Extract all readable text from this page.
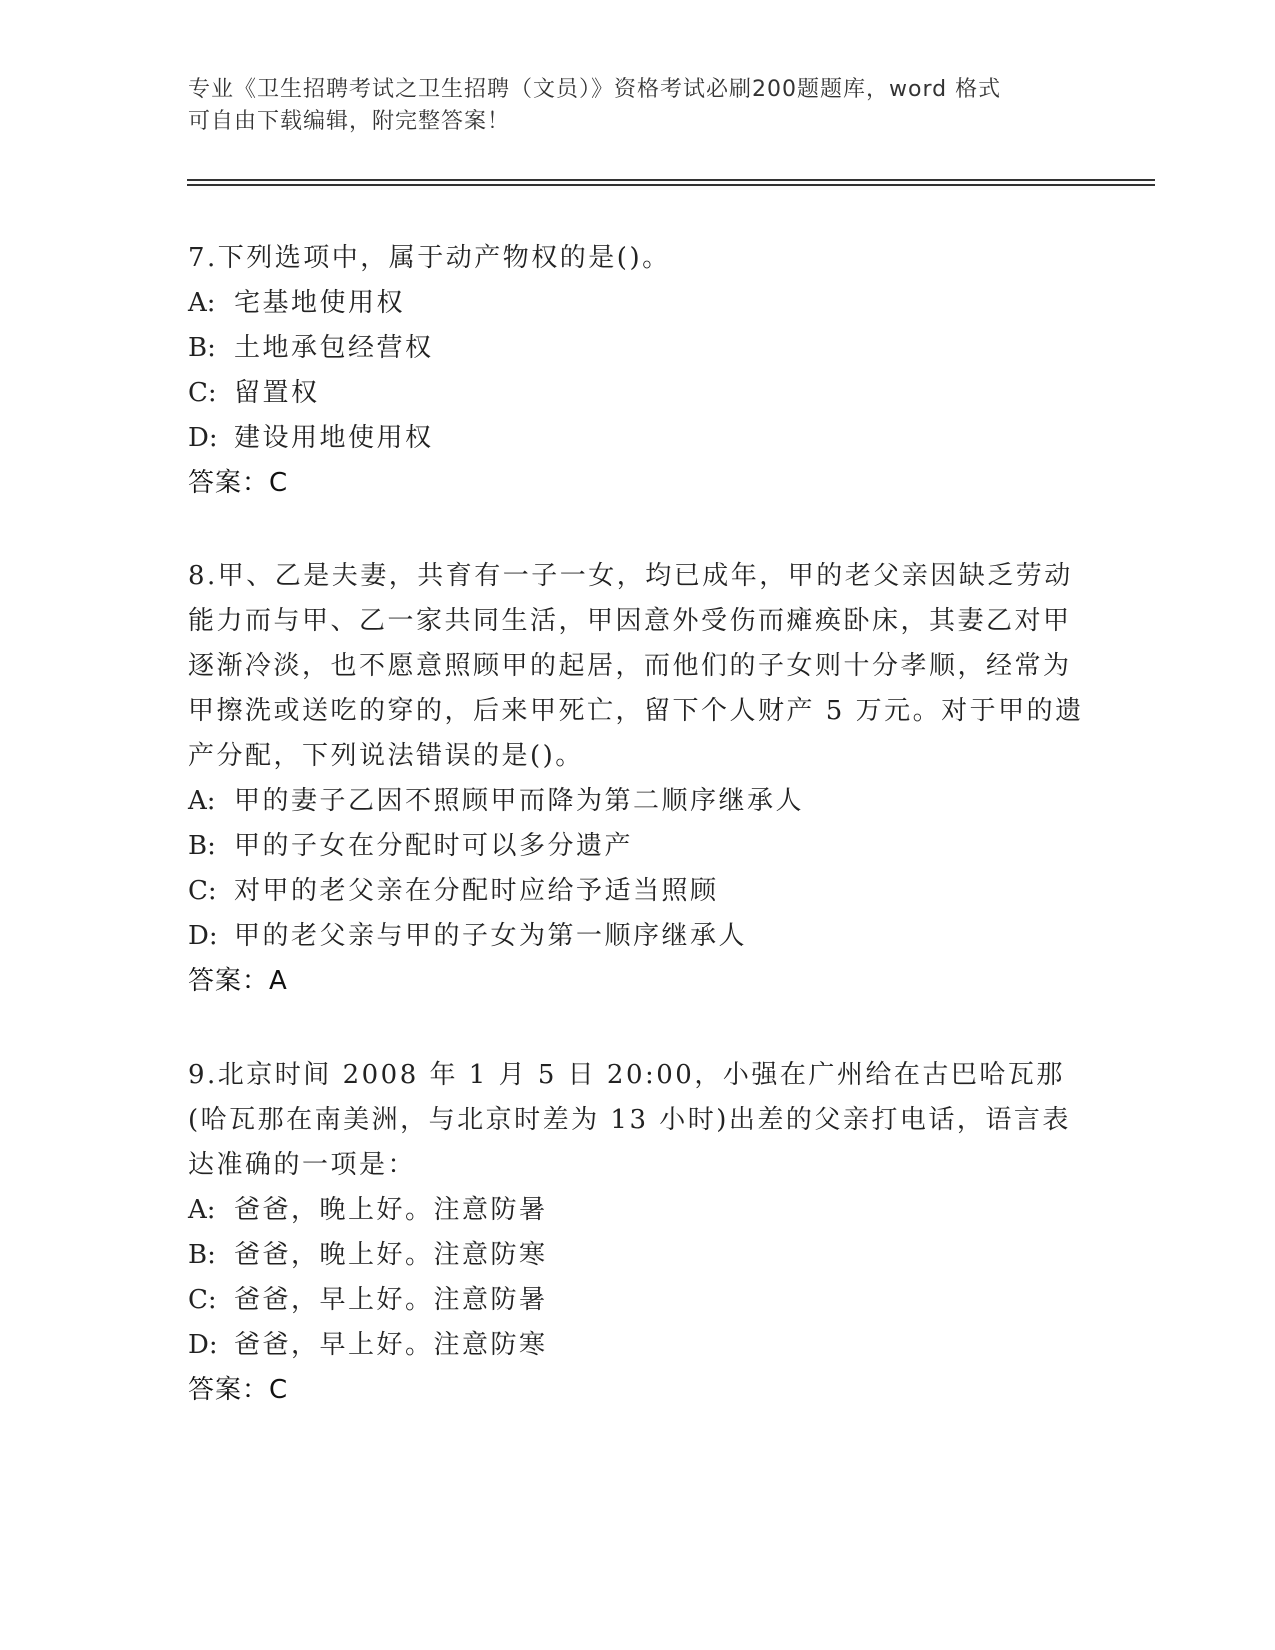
专业《卫生招聘考试之卫生招聘（文员）》资格考试必刷200题题库，word 格式
可自由下载编辑，附完整答案！

7.下列选项中，属于动产物权的是()。

A: 宅基地使用权
B: 土地承包经营权
C: 留置权
D: 建设用地使用权
答案：C

8.甲、乙是夫妻，共育有一子一女，均已成年，甲的老父亲因缺乏劳动能力而与甲、乙一家共同生活，甲因意外受伤而瘫痪卧床，其妻乙对甲逐渐冷淡，也不愿意照顾甲的起居，而他们的子女则十分孝顺，经常为甲擦洗或送吃的穿的，后来甲死亡，留下个人财产 5 万元。对于甲的遗产分配，下列说法错误的是()。

A: 甲的妻子乙因不照顾甲而降为第二顺序继承人
B: 甲的子女在分配时可以多分遗产
C: 对甲的老父亲在分配时应给予适当照顾
D: 甲的老父亲与甲的子女为第一顺序继承人
答案：A

9.北京时间 2008 年 1 月 5 日 20:00，小强在广州给在古巴哈瓦那(哈瓦那在南美洲，与北京时差为 13 小时)出差的父亲打电话，语言表达准确的一项是：

A: 爸爸，晚上好。注意防暑
B: 爸爸，晚上好。注意防寒
C: 爸爸，早上好。注意防暑
D: 爸爸，早上好。注意防寒
答案：C
